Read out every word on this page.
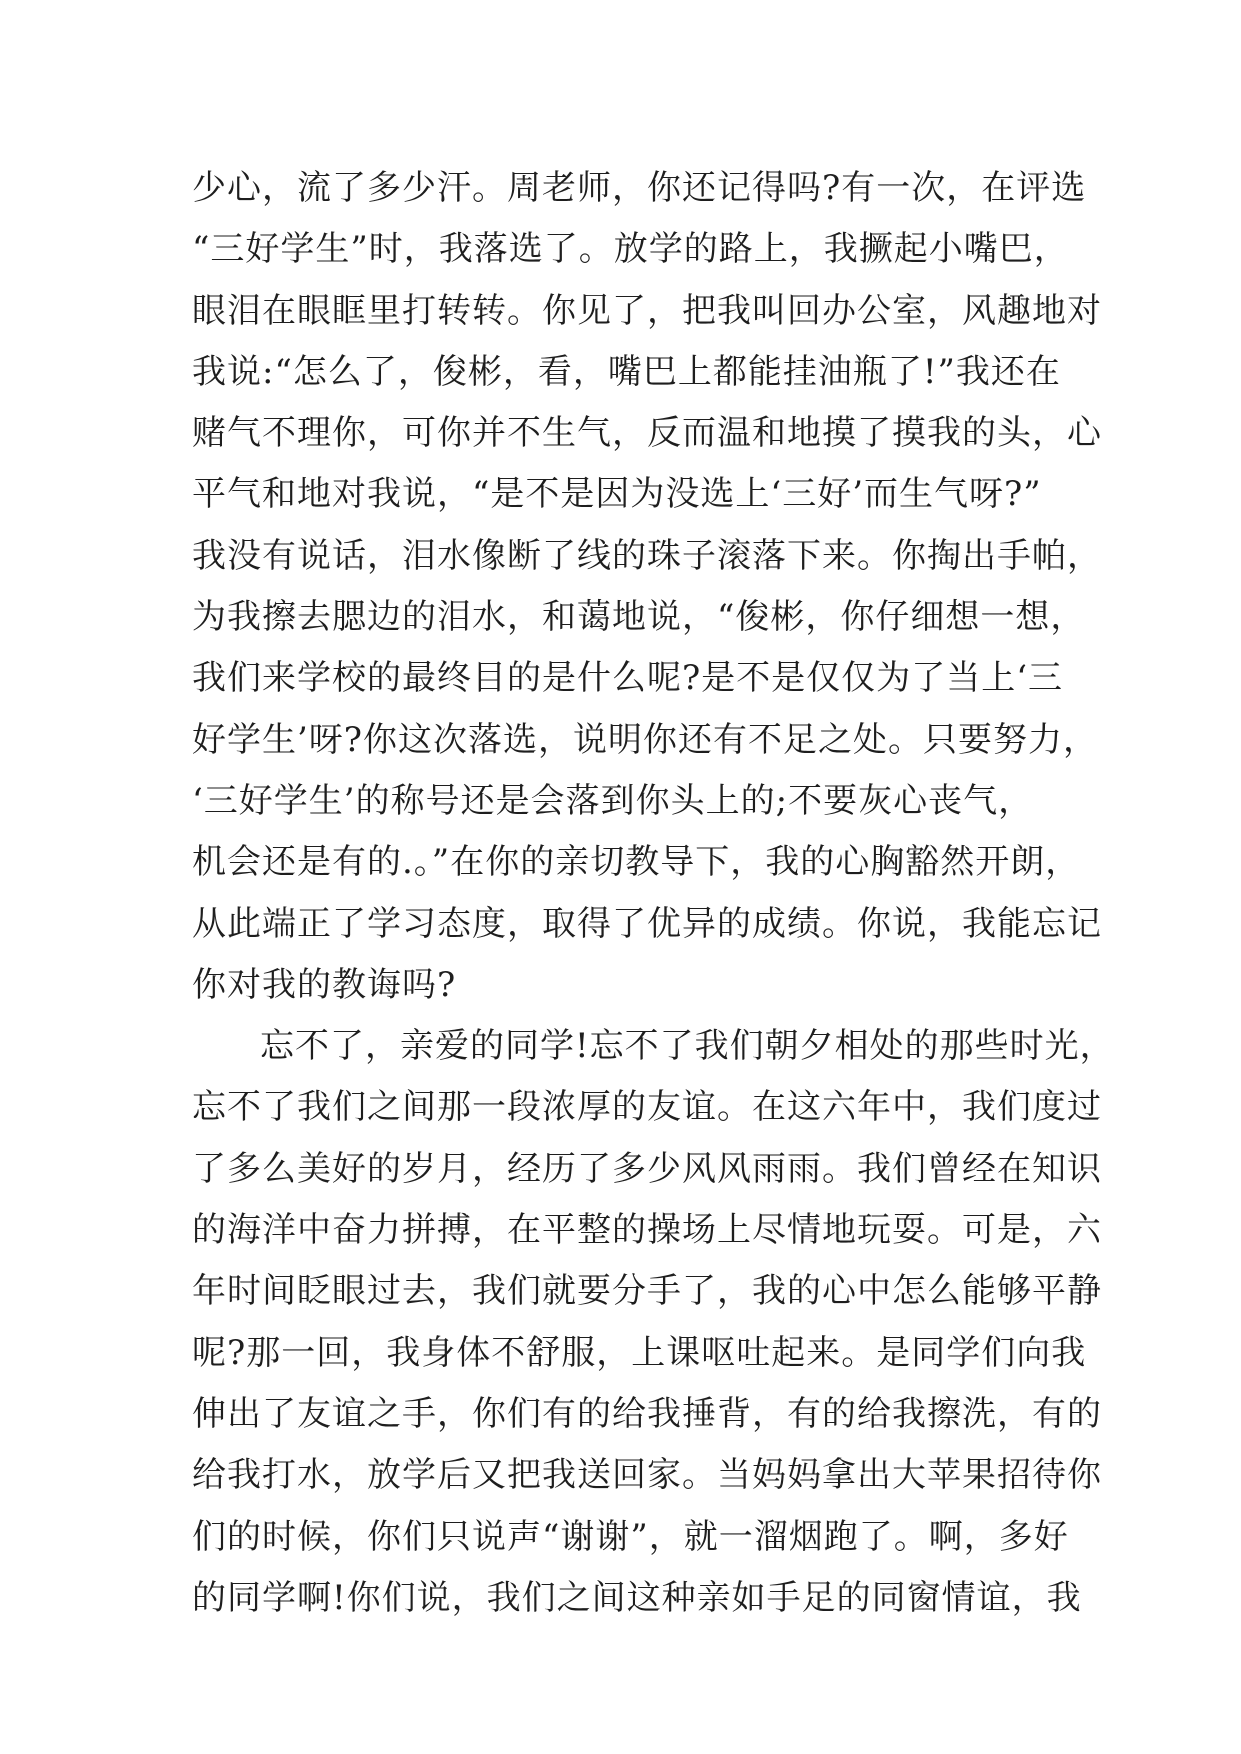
少心，流了多少汗。周老师，你还记得吗?有一次，在评选
“三好学生”时，我落选了。放学的路上，我撅起小嘴巴，
眼泪在眼眶里打转转。你见了，把我叫回办公室，风趣地对
我说:“怎么了，俊彬，看，嘴巴上都能挂油瓶了!”我还在
赌气不理你，可你并不生气，反而温和地摸了摸我的头，心
平气和地对我说，“是不是因为没选上‘三好’而生气呀?”
我没有说话，泪水像断了线的珠子滚落下来。你掏出手帕，
为我擦去腮边的泪水，和蔼地说，“俊彬，你仔细想一想，
我们来学校的最终目的是什么呢?是不是仅仅为了当上‘三
好学生’呀?你这次落选，说明你还有不足之处。只要努力，
‘三好学生’的称号还是会落到你头上的;不要灰心丧气，
机会还是有的.。”在你的亲切教导下，我的心胸豁然开朗，
从此端正了学习态度，取得了优异的成绩。你说，我能忘记
你对我的教诲吗?
忘不了，亲爱的同学!忘不了我们朝夕相处的那些时光，
忘不了我们之间那一段浓厚的友谊。在这六年中，我们度过
了多么美好的岁月，经历了多少风风雨雨。我们曾经在知识
的海洋中奋力拼搏，在平整的操场上尽情地玩耍。可是，六
年时间眨眼过去，我们就要分手了，我的心中怎么能够平静
呢?那一回，我身体不舒服，上课呕吐起来。是同学们向我
伸出了友谊之手，你们有的给我捶背，有的给我擦洗，有的
给我打水，放学后又把我送回家。当妈妈拿出大苹果招待你
们的时候，你们只说声“谢谢”，就一溜烟跑了。啊，多好
的同学啊!你们说，我们之间这种亲如手足的同窗情谊，我
